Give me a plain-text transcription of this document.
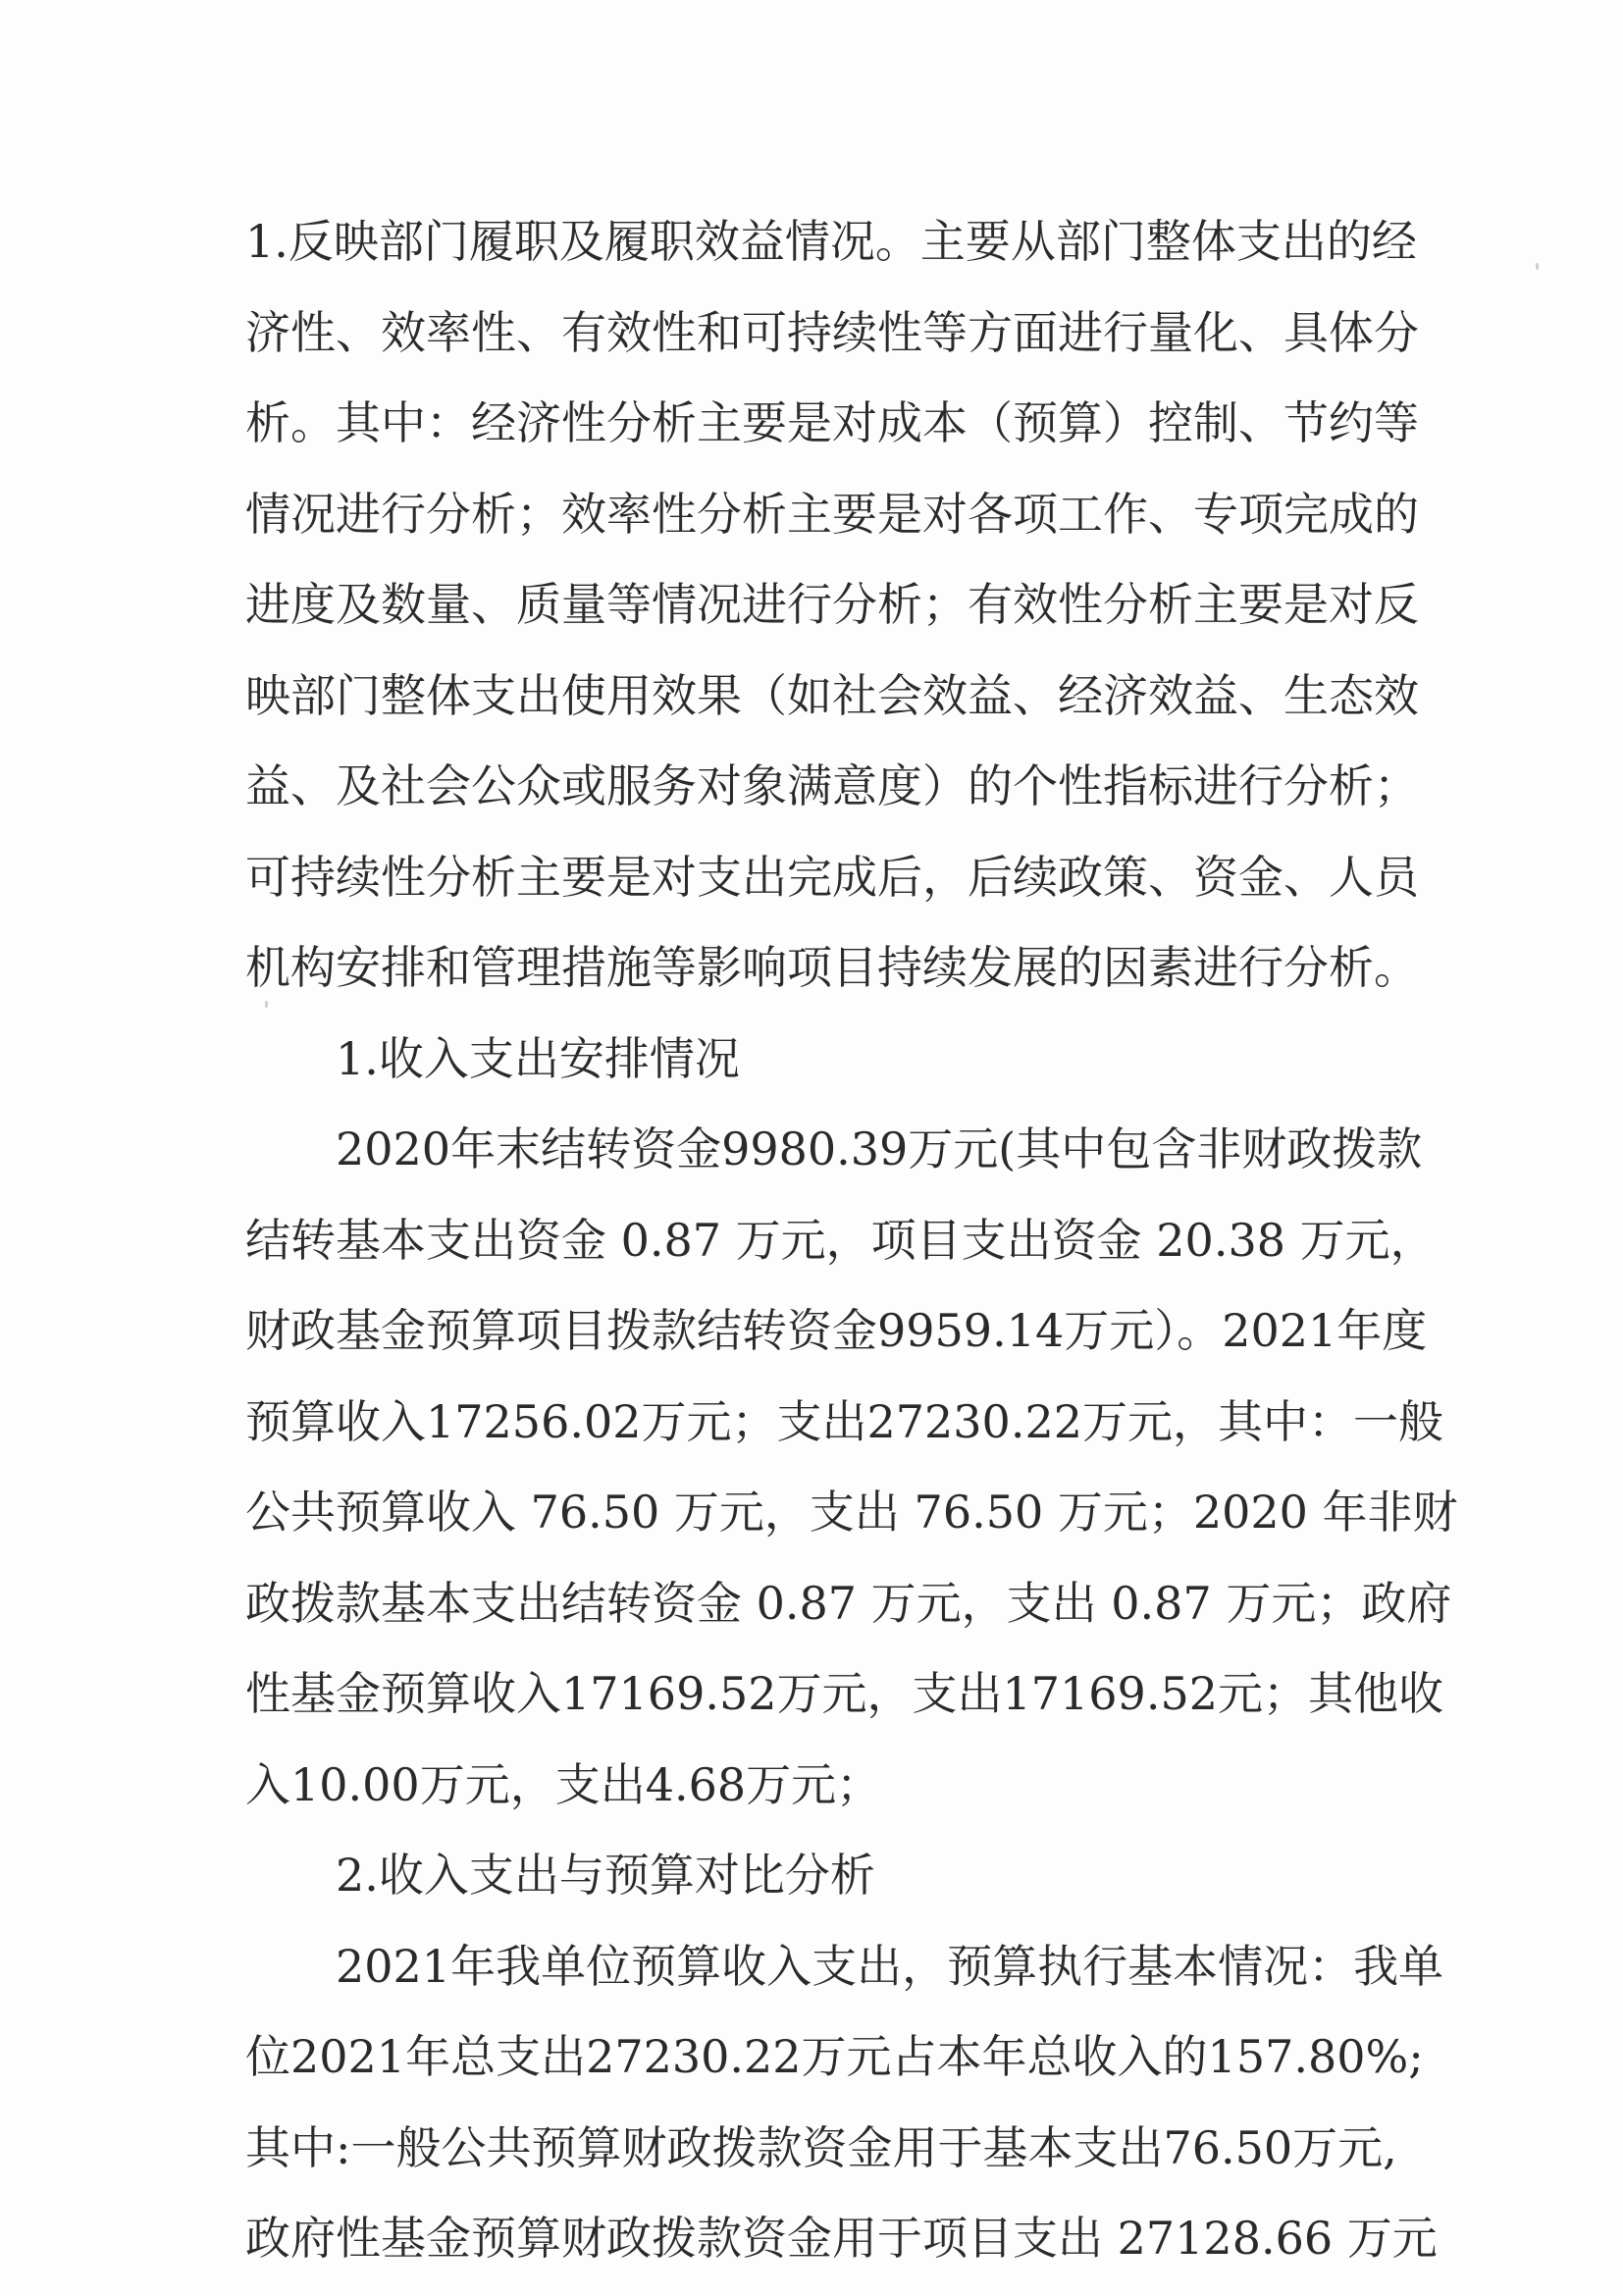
1.反映部门履职及履职效益情况。主要从部门整体支出的经
济性、效率性、有效性和可持续性等方面进行量化、具体分
析。其中：经济性分析主要是对成本（预算）控制、节约等
情况进行分析；效率性分析主要是对各项工作、专项完成的
进度及数量、质量等情况进行分析；有效性分析主要是对反
映部门整体支出使用效果（如社会效益、经济效益、生态效
益、及社会公众或服务对象满意度）的个性指标进行分析；
可持续性分析主要是对支出完成后，后续政策、资金、人员
机构安排和管理措施等影响项目持续发展的因素进行分析。
1.收入支出安排情况
2020年末结转资金9980.39万元(其中包含非财政拨款
结转基本支出资金 0.87 万元，项目支出资金 20.38 万元，
财政基金预算项目拨款结转资金9959.14万元）。2021年度
预算收入17256.02万元；支出27230.22万元，其中：一般
公共预算收入 76.50 万元，支出 76.50 万元；2020 年非财
政拨款基本支出结转资金 0.87 万元，支出 0.87 万元；政府
性基金预算收入17169.52万元，支出17169.52元；其他收
入10.00万元，支出4.68万元；
2.收入支出与预算对比分析
2021年我单位预算收入支出，预算执行基本情况：我单
位2021年总支出27230.22万元占本年总收入的157.80%;
其中:一般公共预算财政拨款资金用于基本支出76.50万元,
政府性基金预算财政拨款资金用于项目支出 27128.66 万元
